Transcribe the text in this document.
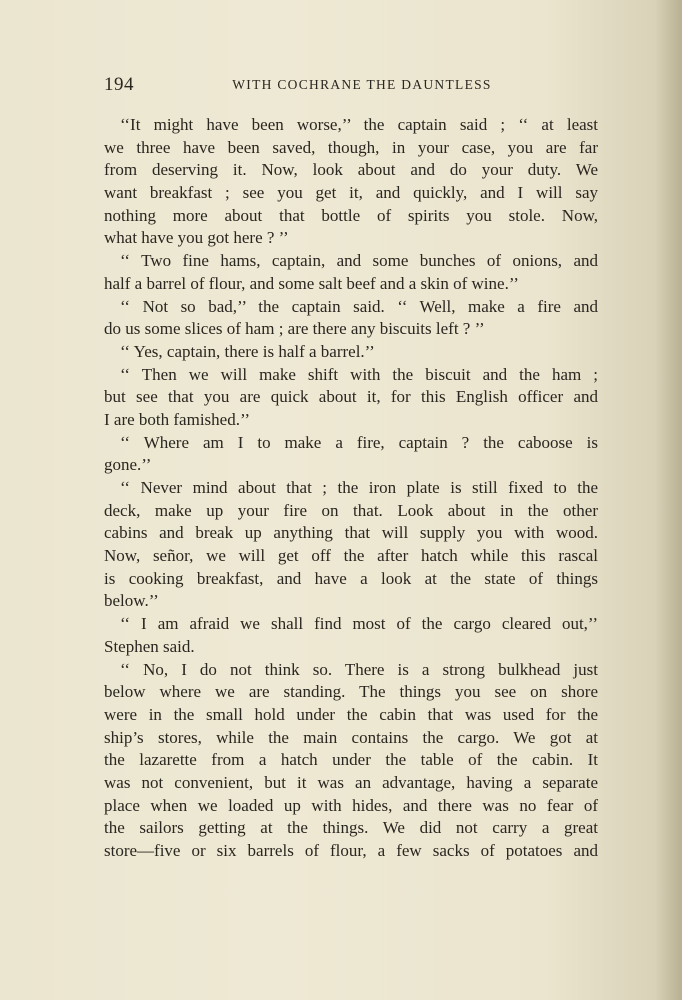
194	WITH COCHRANE THE DAUNTLESS
‘‘It might have been worse,’’ the captain said ; ‘‘ at least
we three have been saved, though, in your case, you are far
from deserving it. Now, look about and do your duty. We
want breakfast ; see you get it, and quickly, and I will say
nothing more about that bottle of spirits you stole. Now,
what have you got here ? ’’
‘‘ Two fine hams, captain, and some bunches of onions, and
half a barrel of flour, and some salt beef and a skin of wine.’’
‘‘ Not so bad,’’ the captain said. ‘‘ Well, make a fire and
do us some slices of ham ; are there any biscuits left ? ’’
‘‘ Yes, captain, there is half a barrel.’’
‘‘ Then we will make shift with the biscuit and the ham ;
but see that you are quick about it, for this English officer and
I are both famished.’’
‘‘ Where am I to make a fire, captain ? the caboose is
gone.’’
‘‘ Never mind about that ; the iron plate is still fixed to the
deck, make up your fire on that. Look about in the other
cabins and break up anything that will supply you with wood.
Now, señor, we will get off the after hatch while this rascal
is cooking breakfast, and have a look at the state of things
below.’’
‘‘ I am afraid we shall find most of the cargo cleared out,’’
Stephen said.
‘‘ No, I do not think so. There is a strong bulkhead just
below where we are standing. The things you see on shore
were in the small hold under the cabin that was used for the
ship’s stores, while the main contains the cargo. We got at
the lazarette from a hatch under the table of the cabin. It
was not convenient, but it was an advantage, having a separate
place when we loaded up with hides, and there was no fear of
the sailors getting at the things. We did not carry a great
store—five or six barrels of flour, a few sacks of potatoes and
